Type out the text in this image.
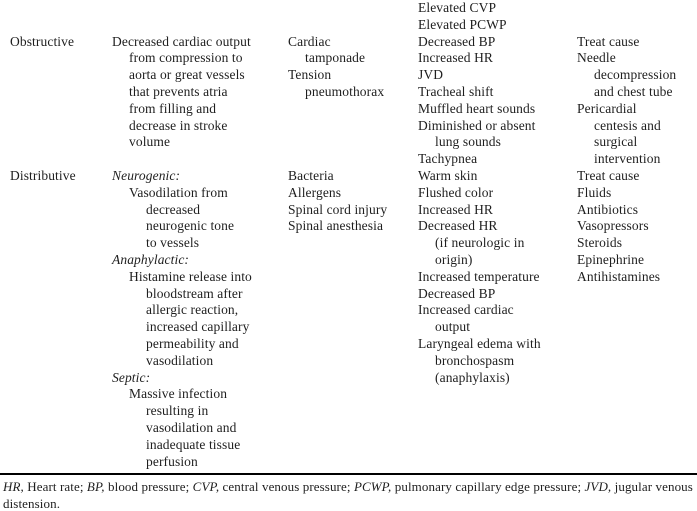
Elevated CVP
Elevated PCWP
Obstructive	Decreased cardiac output
from compression to
aorta or great vessels
that prevents atria
from filling and
decrease in stroke
volume
Cardiac
tamponade
Tension
pneumothorax
Decreased BP
Increased HR
JVD
Tracheal shift
Muffled heart sounds
Diminished or absent
lung sounds
Tachypnea
Treat cause
Needle
decompression
and chest tube
Pericardial
centesis and
surgical
intervention
Distributive	Neurogenic:
Vasodilation from
decreased
neurogenic tone
to vessels
Anaphylactic:
Histamine release into
bloodstream after
allergic reaction,
increased capillary
permeability and
vasodilation
Septic:
Massive infection
resulting in
vasodilation and
inadequate tissue
perfusion
Bacteria
Allergens
Spinal cord injury
Spinal anesthesia
Warm skin
Flushed color
Increased HR
Decreased HR
(if neurologic in
origin)
Increased temperature
Decreased BP
Increased cardiac
output
Laryngeal edema with
bronchospasm
(anaphylaxis)
Treat cause
Fluids
Antibiotics
Vasopressors
Steroids
Epinephrine
Antihistamines
HR, Heart rate; BP, blood pressure; CVP, central venous pressure; PCWP, pulmonary capillary edge pressure; JVD, jugular venous
distension.
